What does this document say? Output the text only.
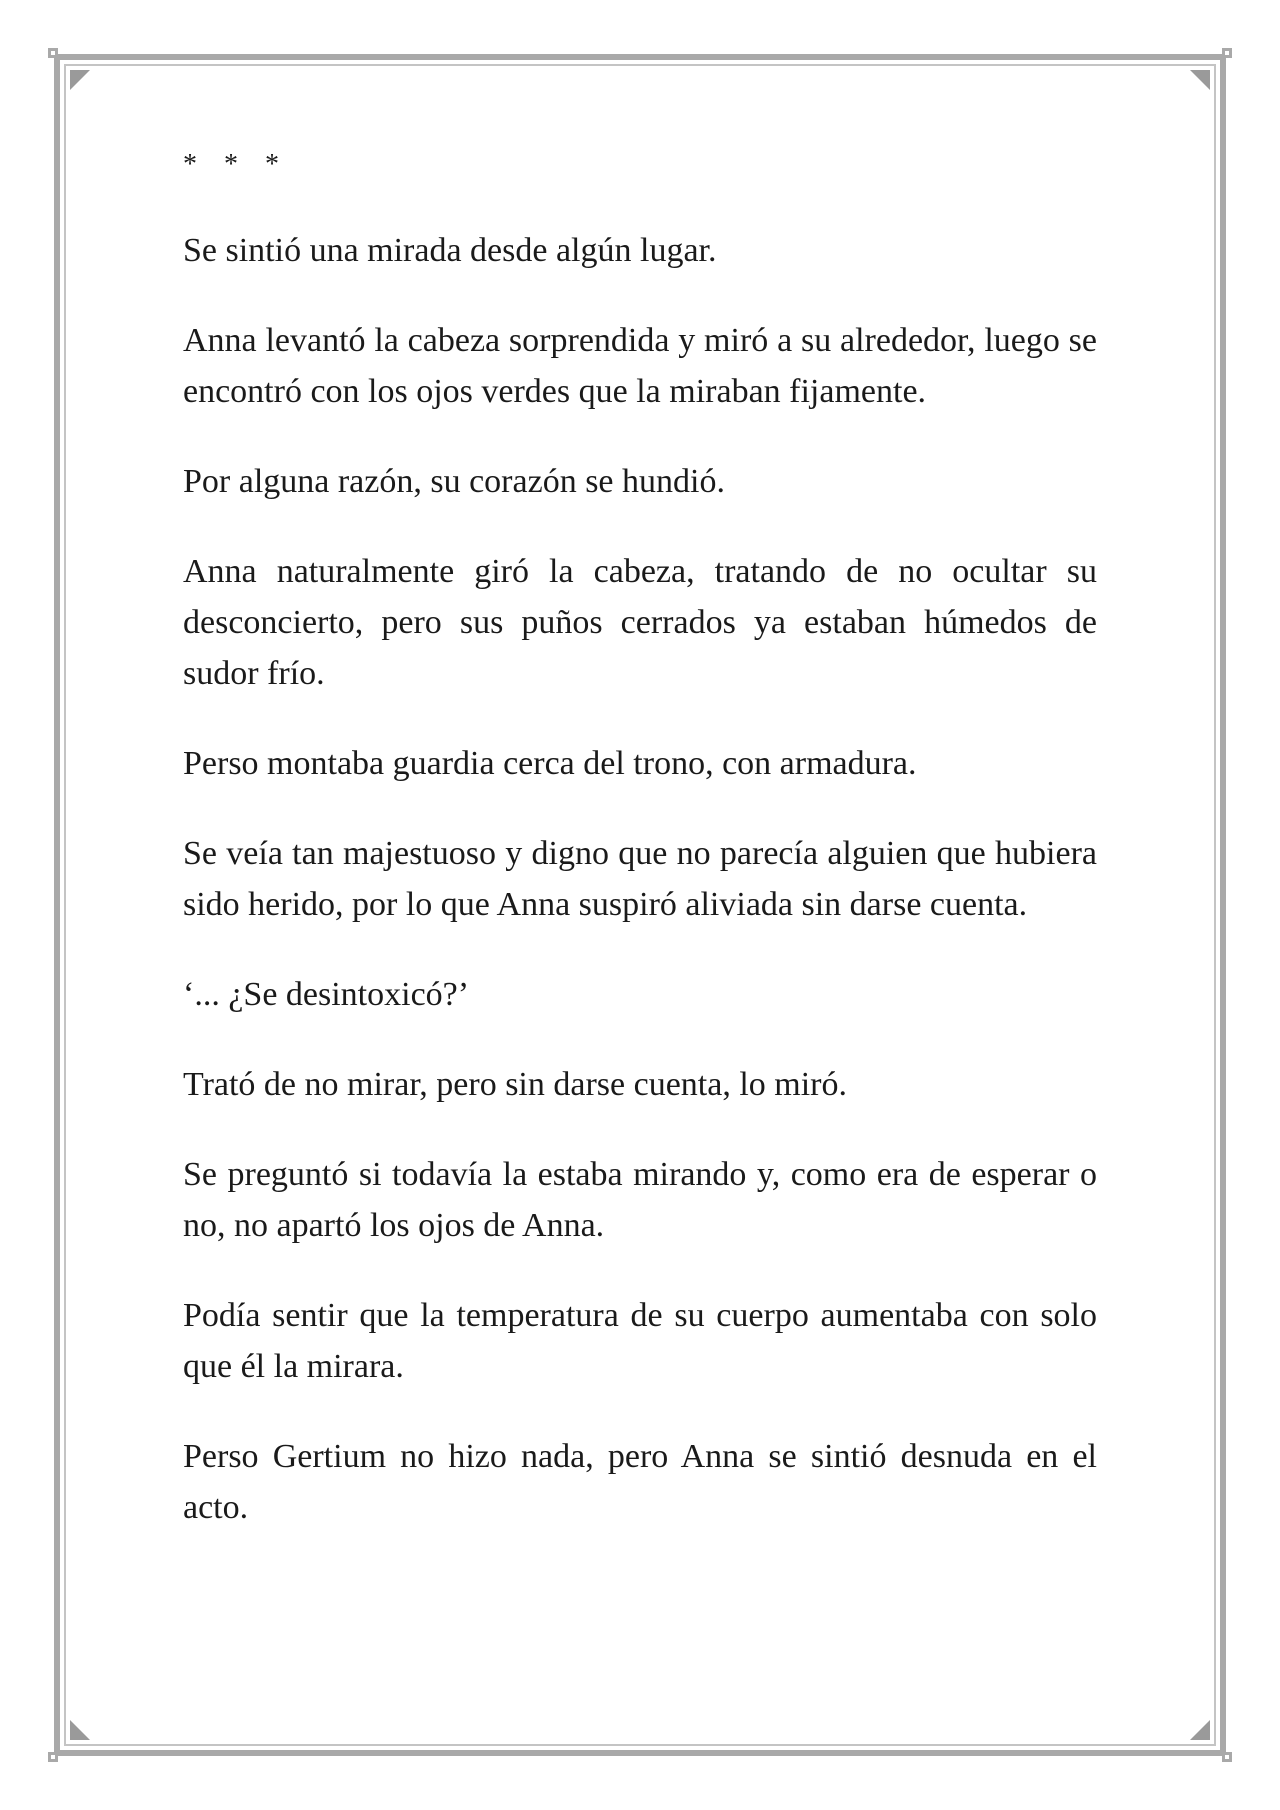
* * *

Se sintió una mirada desde algún lugar.

Anna levantó la cabeza sorprendida y miró a su alrededor, luego se encontró con los ojos verdes que la miraban fijamente.

Por alguna razón, su corazón se hundió.

Anna naturalmente giró la cabeza, tratando de no ocultar su desconcierto, pero sus puños cerrados ya estaban húmedos de sudor frío.

Perso montaba guardia cerca del trono, con armadura.

Se veía tan majestuoso y digno que no parecía alguien que hubiera sido herido, por lo que Anna suspiró aliviada sin darse cuenta.

‘... ¿Se desintoxicó?’

Trató de no mirar, pero sin darse cuenta, lo miró.

Se preguntó si todavía la estaba mirando y, como era de esperar o no, no apartó los ojos de Anna.

Podía sentir que la temperatura de su cuerpo aumentaba con solo que él la mirara.

Perso Gertium no hizo nada, pero Anna se sintió desnuda en el acto.
